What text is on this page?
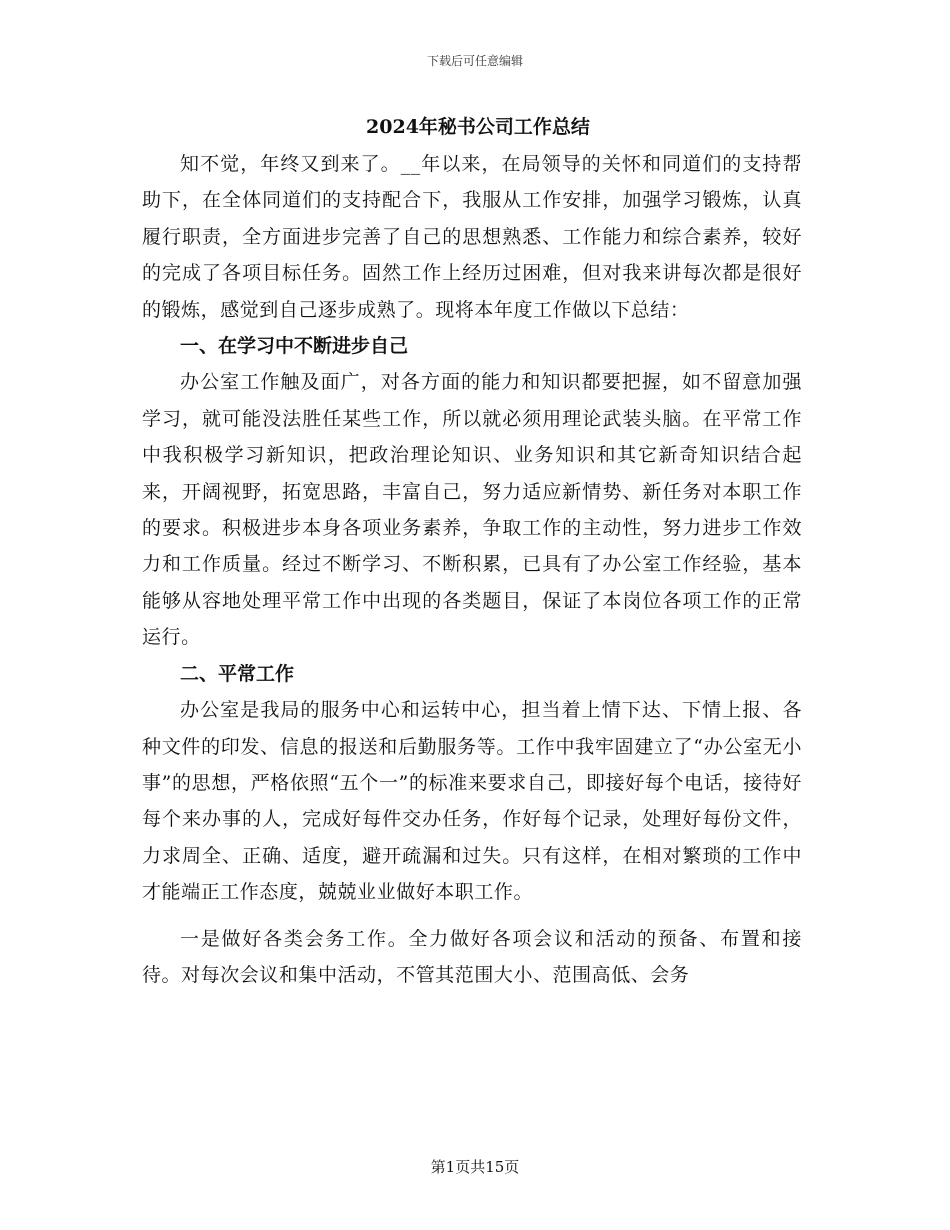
下载后可任意编辑
2024年秘书公司工作总结

知不觉，年终又到来了。__年以来，在局领导的关怀和同道们的支持帮助下，在全体同道们的支持配合下，我服从工作安排，加强学习锻炼，认真履行职责，全方面进步完善了自己的思想熟悉、工作能力和综合素养，较好的完成了各项目标任务。固然工作上经历过困难，但对我来讲每次都是很好的锻炼，感觉到自己逐步成熟了。现将本年度工作做以下总结：

一、在学习中不断进步自己

办公室工作触及面广，对各方面的能力和知识都要把握，如不留意加强学习，就可能没法胜任某些工作，所以就必须用理论武装头脑。在平常工作中我积极学习新知识，把政治理论知识、业务知识和其它新奇知识结合起来，开阔视野，拓宽思路，丰富自己，努力适应新情势、新任务对本职工作的要求。积极进步本身各项业务素养，争取工作的主动性，努力进步工作效力和工作质量。经过不断学习、不断积累，已具有了办公室工作经验，基本能够从容地处理平常工作中出现的各类题目，保证了本岗位各项工作的正常运行。

二、平常工作

办公室是我局的服务中心和运转中心，担当着上情下达、下情上报、各种文件的印发、信息的报送和后勤服务等。工作中我牢固建立了“办公室无小事”的思想，严格依照“五个一”的标准来要求自己，即接好每个电话，接待好每个来办事的人，完成好每件交办任务，作好每个记录，处理好每份文件，力求周全、正确、适度，避开疏漏和过失。只有这样，在相对繁琐的工作中才能端正工作态度，兢兢业业做好本职工作。

一是做好各类会务工作。全力做好各项会议和活动的预备、布置和接待。对每次会议和集中活动，不管其范围大小、范围高低、会务

第1页共15页
